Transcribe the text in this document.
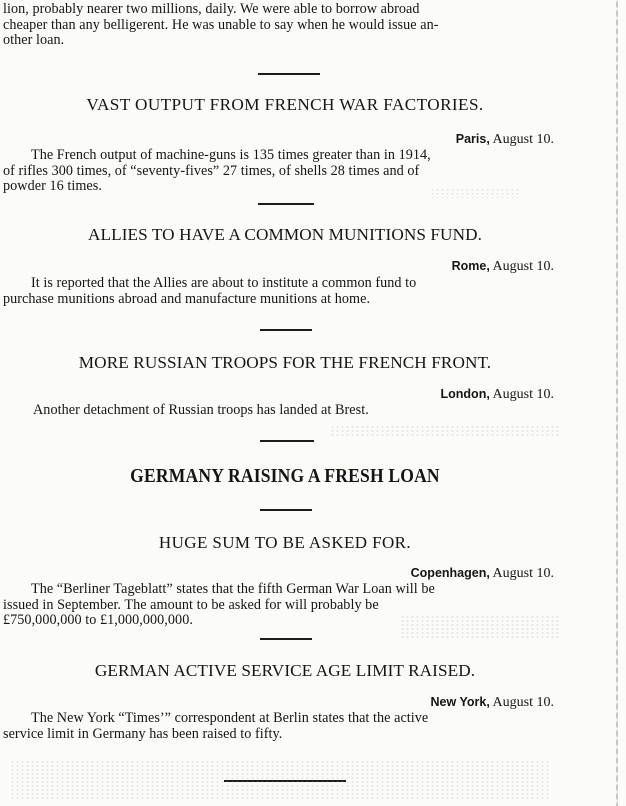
lion, probably nearer two millions, daily. We were able to borrow abroad
cheaper than any belligerent. He was unable to say when he would issue an-
other loan.
VAST OUTPUT FROM FRENCH WAR FACTORIES.
Paris, August 10.
The French output of machine-guns is 135 times greater than in 1914,
of rifles 300 times, of “seventy-fives” 27 times, of shells 28 times and of
powder 16 times.
ALLIES TO HAVE A COMMON MUNITIONS FUND.
Rome, August 10.
It is reported that the Allies are about to institute a common fund to
purchase munitions abroad and manufacture munitions at home.
MORE RUSSIAN TROOPS FOR THE FRENCH FRONT.
London, August 10.
Another detachment of Russian troops has landed at Brest.
GERMANY RAISING A FRESH LOAN
HUGE SUM TO BE ASKED FOR.
Copenhagen, August 10.
The “Berliner Tageblatt” states that the fifth German War Loan will be
issued in September. The amount to be asked for will probably be
£750,000,000 to £1,000,000,000.
GERMAN ACTIVE SERVICE AGE LIMIT RAISED.
New York, August 10.
The New York “Times’” correspondent at Berlin states that the active
service limit in Germany has been raised to fifty.
